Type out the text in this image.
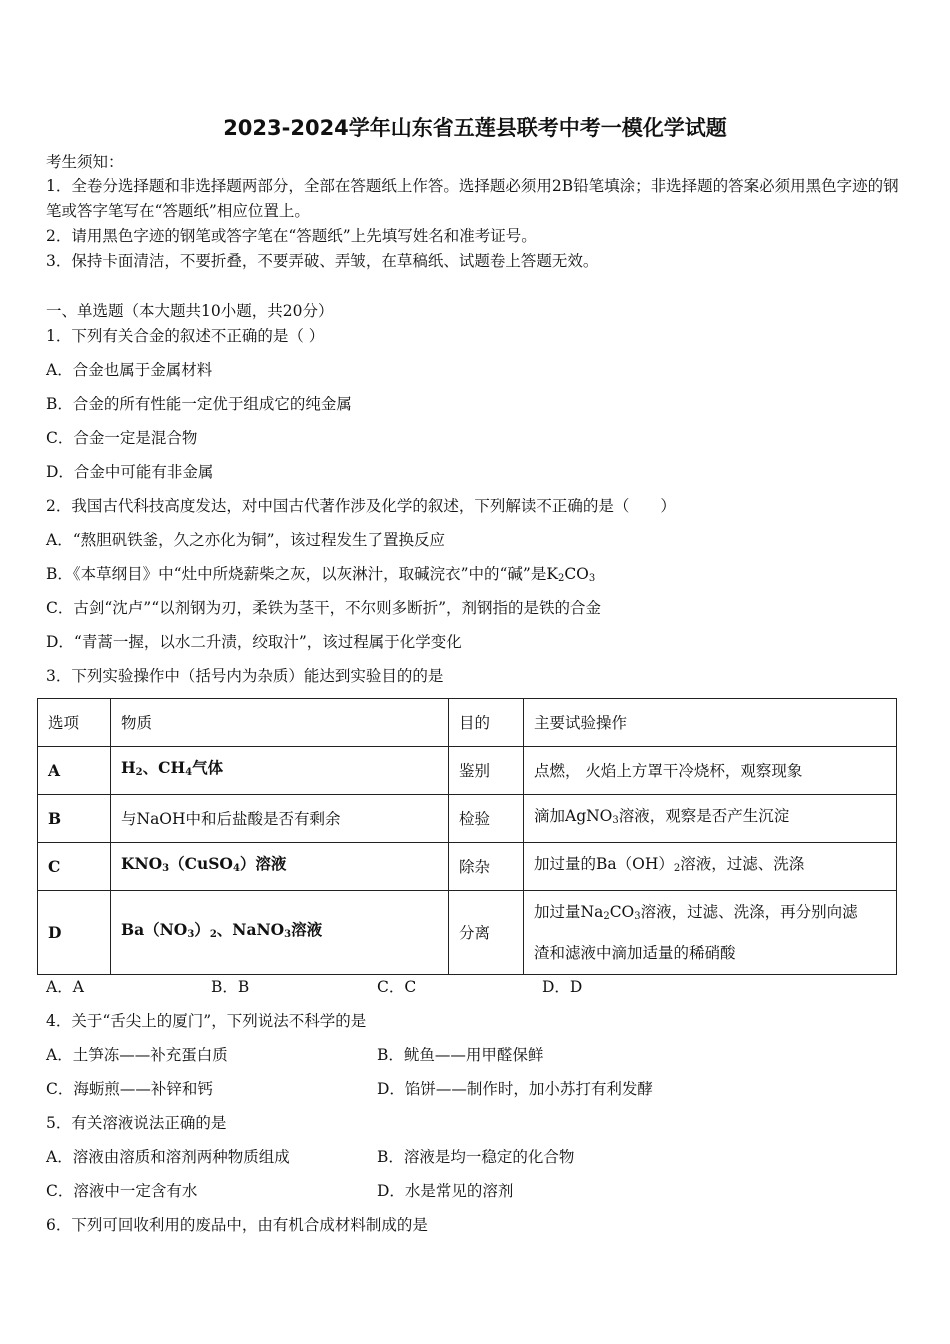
2023-2024学年山东省五莲县联考中考一模化学试题
考生须知：
1．全卷分选择题和非选择题两部分，全部在答题纸上作答。选择题必须用2B铅笔填涂；非选择题的答案必须用黑色字迹的钢笔或答字笔写在“答题纸”相应位置上。
2．请用黑色字迹的钢笔或答字笔在“答题纸”上先填写姓名和准考证号。
3．保持卡面清洁，不要折叠，不要弄破、弄皱，在草稿纸、试题卷上答题无效。
一、单选题（本大题共10小题，共20分）
1．下列有关合金的叙述不正确的是（ ）
A．合金也属于金属材料
B．合金的所有性能一定优于组成它的纯金属
C．合金一定是混合物
D．合金中可能有非金属
2．我国古代科技高度发达，对中国古代著作涉及化学的叙述，下列解读不正确的是（　　）
A．“熬胆矾铁釜，久之亦化为铜”，该过程发生了置换反应
B．《本草纲目》中“灶中所烧薪柴之灰，以灰淋汁，取碱浣衣”中的“碱”是$K_2CO_3$
C．古剑“沈卢”“以剂钢为刃，柔铁为茎干，不尔则多断折”，剂钢指的是铁的合金
D．“青蒿一握，以水二升渍，绞取汁”，该过程属于化学变化
3．下列实验操作中（括号内为杂质）能达到实验目的的是
选项	物质	目的	主要试验操作
A	$H_2$、$CH_4$气体	鉴别	点燃， 火焰上方罩干冷烧杯，观察现象
B	与NaOH中和后盐酸是否有剩余	检验	滴加AgNO$_3$溶液，观察是否产生沉淀
C	$KNO_3(CuSO_4)$溶液	除杂	加过量的$Ba(OH)_2$溶液，过滤、洗涤
D	$Ba(NO_3)_2$、NaNO$_3$溶液	分离	加过量$Na_2CO_3$溶液，过滤、洗涤，再分别向滤
渣和滤液中滴加适量的稀硝酸
A．A	B．B	C．C	D．D
4．关于“舌尖上的厦门”，下列说法不科学的是
A．土笋冻——补充蛋白质	B．鱿鱼——用甲醛保鲜
C．海蛎煎——补锌和钙	D．馅饼——制作时，加小苏打有利发酵
5．有关溶液说法正确的是
A．溶液由溶质和溶剂两种物质组成	B．溶液是均一稳定的化合物
C．溶液中一定含有水	D．水是常见的溶剂
6．下列可回收利用的废品中，由有机合成材料制成的是
